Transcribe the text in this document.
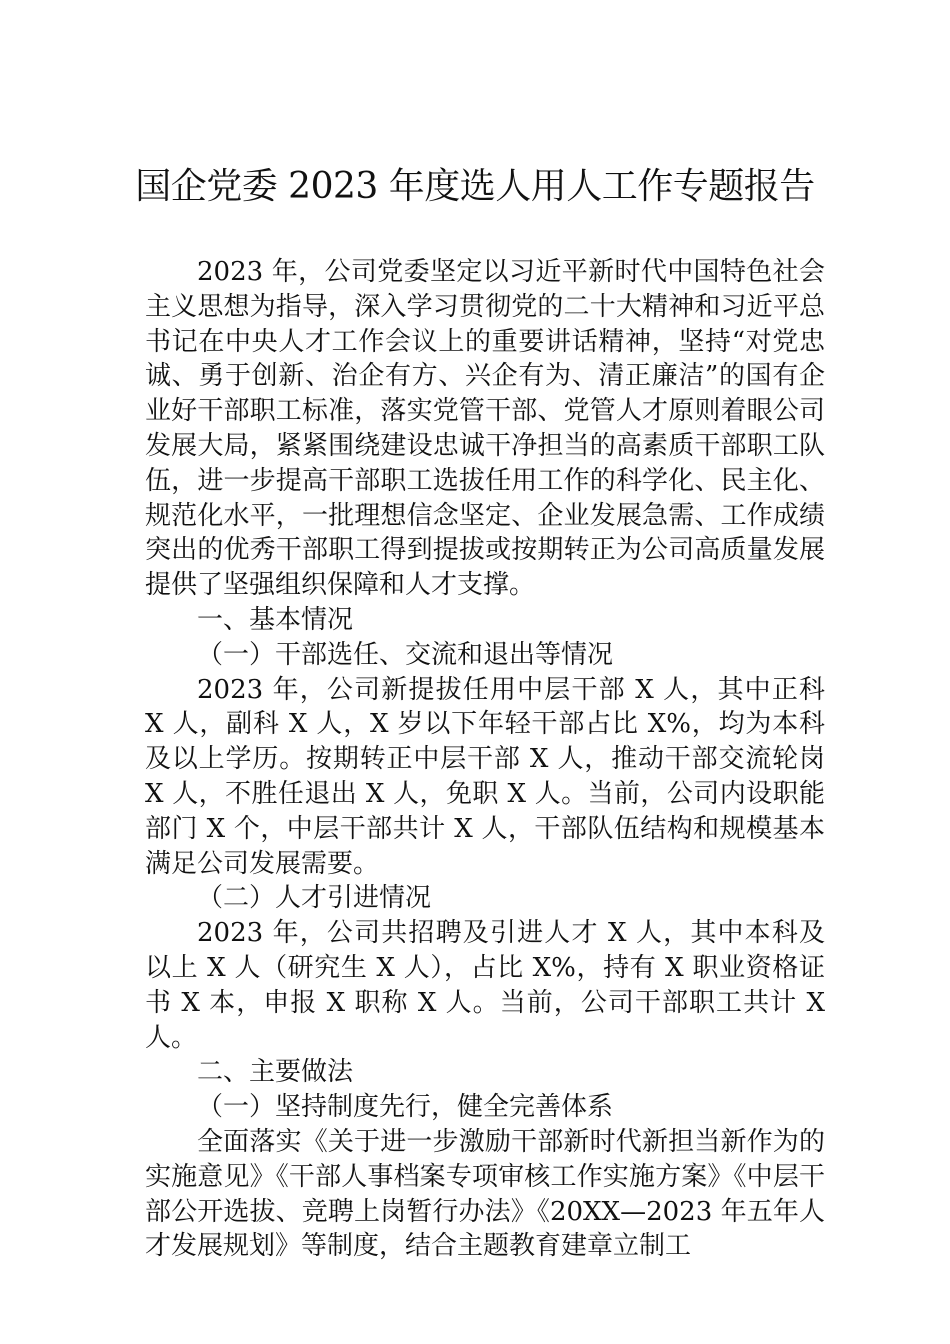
国企党委 2023 年度选人用人工作专题报告

2023 年，公司党委坚定以习近平新时代中国特色社会主义思想为指导，深入学习贯彻党的二十大精神和习近平总书记在中央人才工作会议上的重要讲话精神，坚持“对党忠诚、勇于创新、治企有方、兴企有为、清正廉洁”的国有企业好干部职工标准，落实党管干部、党管人才原则着眼公司发展大局，紧紧围绕建设忠诚干净担当的高素质干部职工队伍，进一步提高干部职工选拔任用工作的科学化、民主化、规范化水平，一批理想信念坚定、企业发展急需、工作成绩突出的优秀干部职工得到提拔或按期转正为公司高质量发展提供了坚强组织保障和人才支撑。

一、基本情况

（一）干部选任、交流和退出等情况

2023 年，公司新提拔任用中层干部 X 人，其中正科 X 人，副科 X 人，X 岁以下年轻干部占比 X%，均为本科及以上学历。按期转正中层干部 X 人，推动干部交流轮岗 X 人，不胜任退出 X 人，免职 X 人。当前，公司内设职能部门 X 个，中层干部共计 X 人，干部队伍结构和规模基本满足公司发展需要。

（二）人才引进情况

2023 年，公司共招聘及引进人才 X 人，其中本科及以上 X 人（研究生 X 人），占比 X%，持有 X 职业资格证书 X 本，申报 X 职称 X 人。当前，公司干部职工共计 X 人。

二、主要做法

（一）坚持制度先行，健全完善体系

全面落实《关于进一步激励干部新时代新担当新作为的实施意见》《干部人事档案专项审核工作实施方案》《中层干部公开选拔、竞聘上岗暂行办法》《20XX—2023 年五年人才发展规划》等制度，结合主题教育建章立制工
